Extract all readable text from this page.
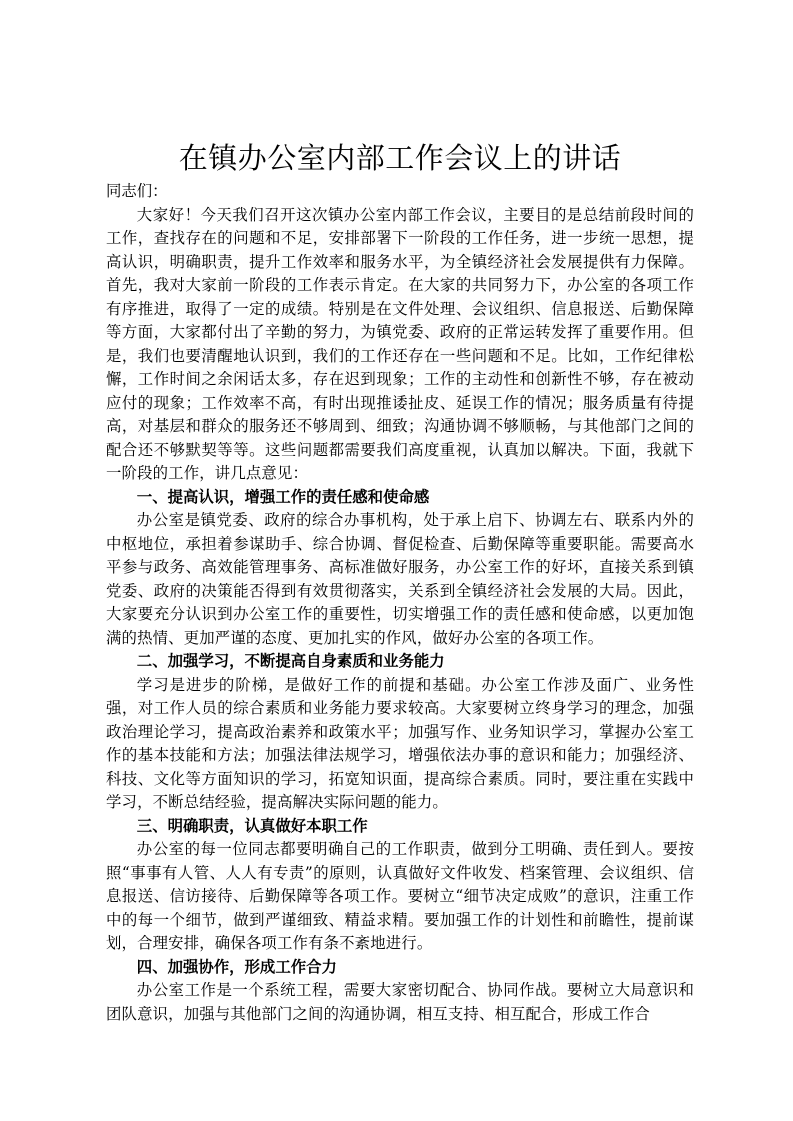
在镇办公室内部工作会议上的讲话

同志们：

大家好！今天我们召开这次镇办公室内部工作会议，主要目的是总结前段时间的工作，查找存在的问题和不足，安排部署下一阶段的工作任务，进一步统一思想，提高认识，明确职责，提升工作效率和服务水平，为全镇经济社会发展提供有力保障。首先，我对大家前一阶段的工作表示肯定。在大家的共同努力下，办公室的各项工作有序推进，取得了一定的成绩。特别是在文件处理、会议组织、信息报送、后勤保障等方面，大家都付出了辛勤的努力，为镇党委、政府的正常运转发挥了重要作用。但是，我们也要清醒地认识到，我们的工作还存在一些问题和不足。比如，工作纪律松懈，工作时间之余闲话太多，存在迟到现象；工作的主动性和创新性不够，存在被动应付的现象；工作效率不高，有时出现推诿扯皮、延误工作的情况；服务质量有待提高，对基层和群众的服务还不够周到、细致；沟通协调不够顺畅，与其他部门之间的配合还不够默契等等。这些问题都需要我们高度重视，认真加以解决。下面，我就下一阶段的工作，讲几点意见：

一、提高认识，增强工作的责任感和使命感

办公室是镇党委、政府的综合办事机构，处于承上启下、协调左右、联系内外的中枢地位，承担着参谋助手、综合协调、督促检查、后勤保障等重要职能。需要高水平参与政务、高效能管理事务、高标准做好服务，办公室工作的好坏，直接关系到镇党委、政府的决策能否得到有效贯彻落实，关系到全镇经济社会发展的大局。因此，大家要充分认识到办公室工作的重要性，切实增强工作的责任感和使命感，以更加饱满的热情、更加严谨的态度、更加扎实的作风，做好办公室的各项工作。

二、加强学习，不断提高自身素质和业务能力

学习是进步的阶梯，是做好工作的前提和基础。办公室工作涉及面广、业务性强，对工作人员的综合素质和业务能力要求较高。大家要树立终身学习的理念，加强政治理论学习，提高政治素养和政策水平；加强写作、业务知识学习，掌握办公室工作的基本技能和方法；加强法律法规学习，增强依法办事的意识和能力；加强经济、科技、文化等方面知识的学习，拓宽知识面，提高综合素质。同时，要注重在实践中学习，不断总结经验，提高解决实际问题的能力。

三、明确职责，认真做好本职工作

办公室的每一位同志都要明确自己的工作职责，做到分工明确、责任到人。要按照“事事有人管、人人有专责”的原则，认真做好文件收发、档案管理、会议组织、信息报送、信访接待、后勤保障等各项工作。要树立“细节决定成败”的意识，注重工作中的每一个细节，做到严谨细致、精益求精。要加强工作的计划性和前瞻性，提前谋划，合理安排，确保各项工作有条不紊地进行。

四、加强协作，形成工作合力

办公室工作是一个系统工程，需要大家密切配合、协同作战。要树立大局意识和团队意识，加强与其他部门之间的沟通协调，相互支持、相互配合，形成工作合
